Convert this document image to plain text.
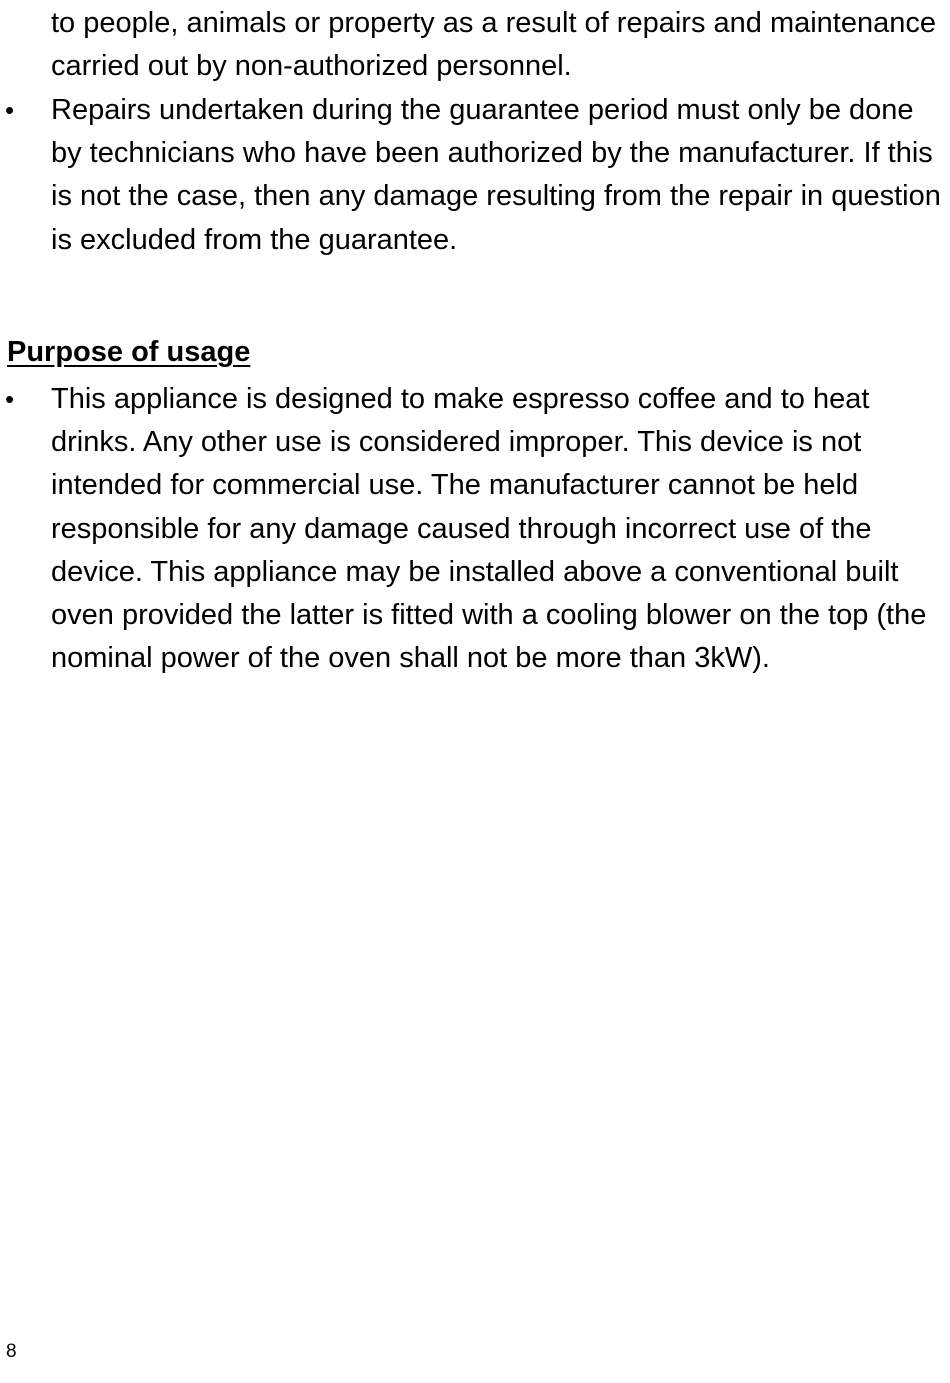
to people, animals or property as a result of repairs and maintenance carried out by non-authorized personnel.

• Repairs undertaken during the guarantee period must only be done by technicians who have been authorized by the manufacturer. If this is not the case, then any damage resulting from the repair in question is excluded from the guarantee.
Purpose of usage
• This appliance is designed to make espresso coffee and to heat drinks. Any other use is considered improper. This device is not intended for commercial use. The manufacturer cannot be held responsible for any damage caused through incorrect use of the device. This appliance may be installed above a conventional built oven provided the latter is fitted with a cooling blower on the top (the nominal power of the oven shall not be more than 3kW).
8
